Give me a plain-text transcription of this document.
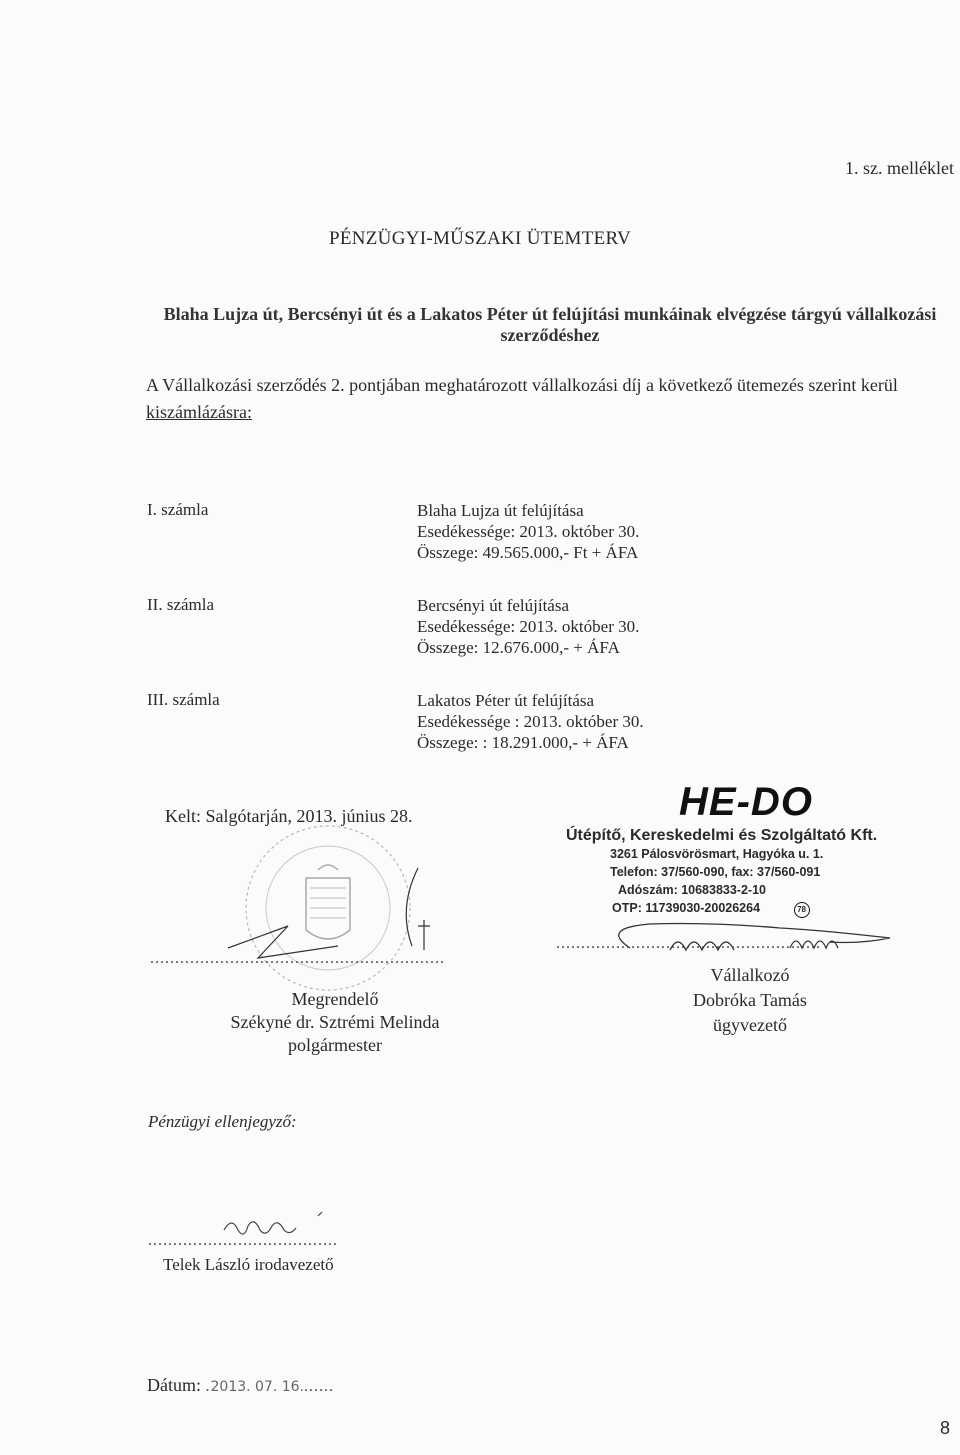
1. sz. melléklet
PÉNZÜGYI-MŰSZAKI ÜTEMTERV
Blaha Lujza út, Bercsényi út és a Lakatos Péter út felújítási munkáinak elvégzése tárgyú vállalkozási
szerződéshez
A Vállalkozási szerződés 2. pontjában meghatározott vállalkozási díj a következő ütemezés szerint kerül
kiszámlázásra:
I. számla	Blaha Lujza út felújítása
Esedékessége: 2013. október 30.
Összege: 49.565.000,- Ft + ÁFA
II. számla	Bercsényi út felújítása
Esedékessége: 2013. október 30.
Összege: 12.676.000,- + ÁFA
III. számla	Lakatos Péter út felújítása
Esedékessége : 2013. október 30.
Összege: : 18.291.000,- + ÁFA
Kelt: Salgótarján, 2013. június 28.
...........................................................
Megrendelő
Székyné dr. Sztrémi Melinda
polgármester
HE-DO
Útépítő, Kereskedelmi és Szolgáltató Kft.
3261 Pálosvörösmart, Hagyóka u. 1.
Telefon: 37/560-090, fax: 37/560-091
Adószám: 10683833-2-10
OTP: 11739030-20026264	78
.....................................................
Vállalkozó
Dobróka Tamás
ügyvezető
Pénzügyi ellenjegyző:
......................................
Telek László irodavezető
Dátum: .2013. 07. 16.......
8
